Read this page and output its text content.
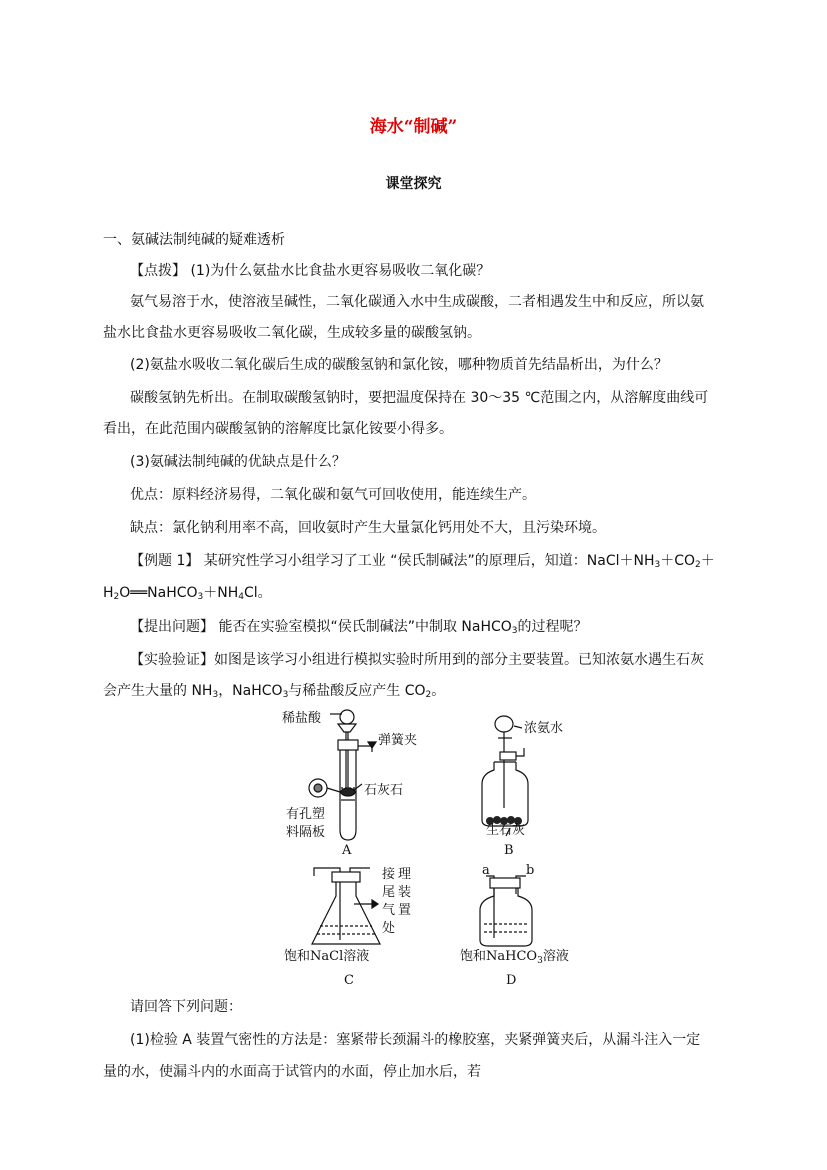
海水“制碱”
课堂探究
一、氨碱法制纯碱的疑难透析
【点拨】 (1)为什么氨盐水比食盐水更容易吸收二氧化碳？
氨气易溶于水，使溶液呈碱性，二氧化碳通入水中生成碳酸，二者相遇发生中和反应，所以氨
盐水比食盐水更容易吸收二氧化碳，生成较多量的碳酸氢钠。
(2)氨盐水吸收二氧化碳后生成的碳酸氢钠和氯化铵，哪种物质首先结晶析出，为什么？
碳酸氢钠先析出。在制取碳酸氢钠时，要把温度保持在 30～35 ℃范围之内，从溶解度曲线可
看出，在此范围内碳酸氢钠的溶解度比氯化铵要小得多。
(3)氨碱法制纯碱的优缺点是什么？
优点：原料经济易得，二氧化碳和氨气可回收使用，能连续生产。
缺点：氯化钠利用率不高，回收氨时产生大量氯化钙用处不大，且污染环境。
【例题 1】 某研究性学习小组学习了工业 “侯氏制碱法”的原理后，知道：$NaCl+NH_3+CO_2+$
$H_2O══NaHCO_3+NH_4Cl$。
【提出问题】 能否在实验室模拟“侯氏制碱法”中制取 NaHCO$_3$的过程呢？
【实验验证】如图是该学习小组进行模拟实验时所用到的部分主要装置。已知浓氨水遇生石灰
会产生大量的 $NH_3$，NaHCO$_3$与稀盐酸反应产生 $CO_2$。
稀盐酸
弹簧夹
石灰石
有孔塑
料隔板
A
浓氨水
生石灰
B
接
尾
气
处
理
装
置
饱和NaCl溶液
C
a	b
饱和NaHCO$_3$溶液
D
请回答下列问题：
(1)检验 A 装置气密性的方法是：塞紧带长颈漏斗的橡胶塞，夹紧弹簧夹后，从漏斗注入一定
量的水，使漏斗内的水面高于试管内的水面，停止加水后，若
